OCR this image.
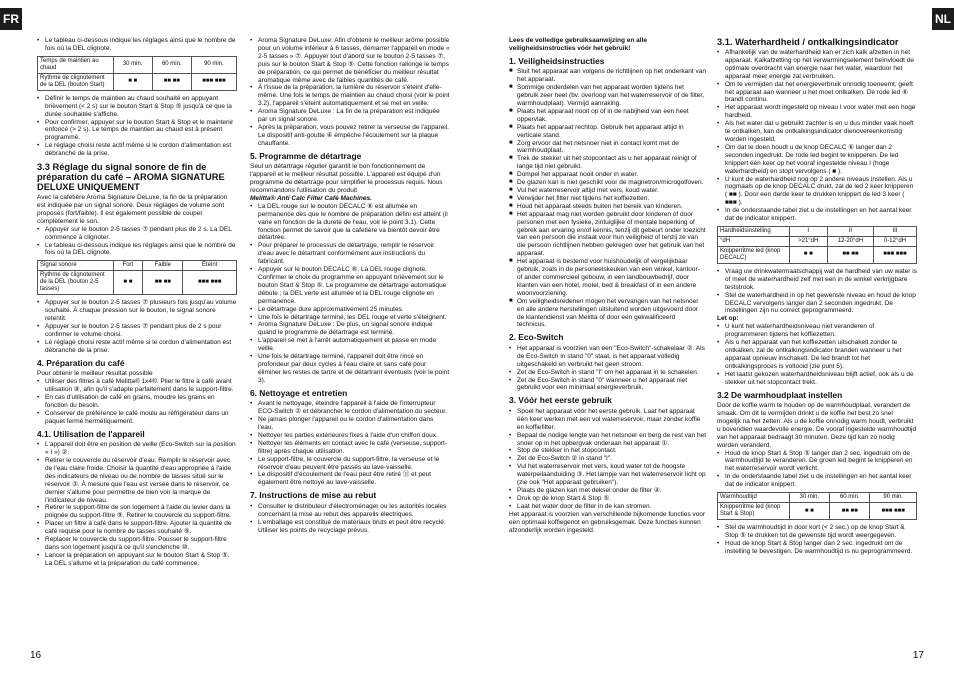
FR	NL
• Le tableau ci-dessous indique les réglages ainsi que le nombre de fois où la DEL clignote.
Temps de maintien au chaud	30 min.	60 min.	90 min.
Rythme de clignotement de la DEL (bouton Start)	■ ■	■■ ■■	■■■ ■■■
• Définir le temps de maintien au chaud souhaité en appuyant brièvement (< 2 s) sur le bouton Start & Stop ⑤ jusqu'à ce que la durée souhaitée s'affiche.
• Pour confirmer, appuyer sur le bouton Start & Stop et le maintenir enfoncé (> 2 s). Le temps de maintien au chaud est à présent programmé.
• Le réglage choisi reste actif même si le cordon d'alimentation est débranché de la prise.
3.3 Réglage du signal sonore de fin de préparation du café – AROMA SIGNATURE DELUXE UNIQUEMENT

Avec la cafetière Aroma Signature DeLuxe, la fin de la préparation est indiquée par un signal sonore. Deux réglages de volume sont proposés (fort/faible). Il est également possible de couper complètement le son.

• Appuyer sur le bouton 2-5 tasses ⑦ pendant plus de 2 s. La DEL commence à clignoter.
• Le tableau ci-dessous indique les réglages ainsi que le nombre de fois où la DEL clignote.
Signal sonore	Fort	Faible	Éteint
Rythme de clignotement de la DEL (bouton 2-5 tasses)	■ ■	■■ ■■	■■■ ■■■
• Appuyer sur le bouton 2-5 tasses ⑦ plusieurs fois jusqu'au volume souhaité. À chaque pression sur le bouton, le signal sonore retentit.
• Appuyer sur le bouton 2-5 tasses ⑦ pendant plus de 2 s pour confirmer le volume choisi.
• Le réglage choisi reste actif même si le cordon d'alimentation est débranché de la prise.
4. Préparation du café

Pour obtenir le meilleur résultat possible

• Utiliser des filtres à café Melitta® 1x4®. Plier le filtre à café avant utilisation ⑧, afin qu'il s'adapte parfaitement dans le support-filtre.
• En cas d'utilisation de café en grains, moudre les grains en fonction du besoin.
• Conserver de préférence le café moulu au réfrigérateur dans un paquet fermé hermétiquement.
4.1. Utilisation de l'appareil
• L'appareil doit être en position de veille (Eco-Switch sur la position « I ») ②.
• Retirer le couvercle du réservoir d'eau. Remplir le réservoir avec de l'eau claire froide. Choisir la quantité d'eau appropriée à l'aide des indicateurs de niveau ou de nombre de tasses situé sur le réservoir ③. À mesure que l'eau est versée dans le réservoir, ce dernier s'allume pour permettre de bien voir la marque de l'indicateur de niveau.
• Retirer le support-filtre de son logement à l'aide du levier dans la poignée du support-filtre ⑨. Retirer le couvercle du support-filtre.
• Placer un filtre à café dans le support-filtre. Ajouter la quantité de café requise pour le nombre de tasses souhaité ⑨.
• Replacer le couvercle du support-filtre. Pousser le support-filtre dans son logement jusqu'à ce qu'il s'enclenche ⑩.
• Lancer la préparation en appuyant sur le bouton Start & Stop ⑤. La DEL s'allume et la préparation du café commence.
• Aroma Signature DeLuxe: Afin d'obtenir le meilleur arôme possible pour un volume inférieur à 6 tasses, démarrer l'appareil en mode « 2-5 tasses » ⑦. Appuyer tout d'abord sur le bouton 2-5 tasses ⑦, puis sur le bouton Start & Stop ⑤. Cette fonction rallonge le temps de préparation, ce qui permet de bénéficier du meilleur résultat aromatique même avec de faibles quantités de café.
• À l'issue de la préparation, la lumière du réservoir s'éteint d'elle-même. Une fois le temps de maintien au chaud choisi (voir le point 3.2), l'appareil s'éteint automatiquement et se met en veille.
• Aroma Signature DeLuxe : La fin de la préparation est indiquée par un signal sonore.
• Après la préparation, vous pouvez retirer la verseuse de l'appareil. Le dispositif anti-goutte ④ empêche l'écoulement sur la plaque chauffante.
5. Programme de détartrage

Seul un détartrage régulier garantit le bon fonctionnement de l'appareil et le meilleur résultat possible. L'appareil est équipé d'un programme de détartrage pour simplifier le processus requis. Nous recommandons l'utilisation du produit

Melitta® Anti Calc Filter Café Machines.

• La DEL rouge sur le bouton DECALC ⑥ est allumée en permanence dès que le nombre de préparation défini est atteint (il varie en fonction de la dureté de l'eau, voir le point 3.1). Cette fonction permet de savoir que la cafetière va bientôt devoir être détartrée.
• Pour préparer le processus de détartrage, remplir le réservoir d'eau avec le détartrant conformément aux instructions du fabricant.
• Appuyer sur le bouton DECALC ⑥. La DEL rouge clignote. Confirmer le choix du programme en appuyant brièvement sur le bouton Start & Stop ⑤. Le programme de détartrage automatique débute ; la DEL verte est allumée et la DEL rouge clignote en permanence.
• Le détartrage dure approximativement 25 minutes.
• Une fois le détartrage terminé, les DEL rouge et verte s'éteignent.
• Aroma Signature DeLuxe : De plus, un signal sonore indique quand le programme de détartrage est terminé.
• L'appareil se met à l'arrêt automatiquement et passe en mode veille.
• Une fois le détartrage terminé, l'appareil doit être rincé en profondeur par deux cycles à l'eau claire et sans café pour éliminer les restes de tartre et de détartrant éventuels (voir le point 3).
6. Nettoyage et entretien
• Avant le nettoyage, éteindre l'appareil à l'aide de l'interrupteur ECO-Switch ② et débrancher le cordon d'alimentation du secteur.
• Ne jamais plonger l'appareil ou le cordon d'alimentation dans l'eau.
• Nettoyer les parties extérieures fixes à l'aide d'un chiffon doux.
• Nettoyer les éléments en contact avec le café (verseuse, support-filtre) après chaque utilisation.
• Le support-filtre, le couvercle du support-filtre, la verseuse et le réservoir d'eau peuvent être passés au lave-vaisselle.
• Le dispositif d'écoulement de l'eau peut être retiré ⑪ et peut également être nettoyé au lave-vaisselle.
7. Instructions de mise au rebut
• Consulter le distributeur d'électroménager ou les autorités locales concernant la mise au rebut des appareils électriques.
• L'emballage est constitué de matériaux bruts et peut être recyclé. Utiliser les points de recyclage prévus.

Lees de volledige gebruiksaanwijzing en alle veiligheidsinstructies vóór het gebruik!

1. Veiligheidsinstructies
■ Sluit het apparaat aan volgens de richtlijnen op het onderkant van het apparaat.
■ Sommige onderdelen van het apparaat worden tijdens het gebruik zeer heet (bv. overloop van het waterreservoir of de filter, warmhoudplaat). Vermijd aanraking.
■ Plaats het apparaat nooit op of in de nabijheid van een heet oppervlak.
■ Plaats het apparaat rechtop. Gebruik het apparaat altijd in verticale stand.
■ Zorg ervoor dat het netsnoer niet in contact komt met de warmhoudplaat.
■ Trek de stekker uit het stopcontact als u het apparaat reinigt of lange tijd niet gebruikt.
■ Dompel het apparaat nooit onder in water.
■ De glazen kan is niet geschikt voor de magnetron/microgolfoven.
■ Vul het waterreservoir altijd met vers, koud water.
■ Verwijder het filter niet tijdens het koffiezetten.
■ Houd het apparaat steeds buiten het bereik van kinderen.
■ Het apparaat mag niet worden gebruikt door kinderen of door personen met een fysieke, zintuiglijke of mentale beperking of gebrek aan ervaring en/of kennis, tenzij dit gebeurt onder toezicht van een persoon die instaat voor hun veiligheid of tenzij ze van die persoon richtlijnen hebben gekregen over het gebruik van het apparaat.
■ Het apparaat is bestemd voor huishoudelijk of vergelijkbaar gebruik, zoals in de personeelskeuken van een winkel, kantoor- of ander commercieel gebouw, in een landbouwbedrijf, door klanten van een hotel, motel, bed & breakfast of in een andere woonvoorziening.
■ Om veiligheidsredenen mogen het vervangen van het netsnoer en alle andere herstellingen uitsluitend worden uitgevoerd door de klantendienst van Melitta of door een gekwalificeerd technicus.
2. Eco-Switch
• Het apparaat is voorzien van een "Eco-Switch"-schakelaar ②. Als de Eco-Switch in stand "0" staat, is het apparaat volledig uitgeschakeld en verbruikt het geen stroom.
• Zet de Eco-Switch in stand "I" om het apparaat in te schakelen.
• Zet de Eco-Switch in stand "0" wanneer u het apparaat niet gebruikt voor een minimaal energieverbruik.
3. Vóór het eerste gebruik
• Spoel het apparaat vóór het eerste gebruik. Laat het apparaat één keer werken met een vol waterreservoir, maar zonder koffie en koffiefilter.
• Bepaal de nodige lengte van het netsnoer en berg de rest van het snoer op in het opbergvak onderaan het apparaat ①.
• Stop de stekker in het stopcontact.
• Zet de Eco-Switch ② in stand "I".
• Vul het waterreservoir met vers, koud water tot de hoogste waterpeilaanduiding ③. Het lampje van het waterreservoir licht op (zie ook "Het apparaat gebruiken").
• Plaats de glazen kan met deksel onder de filter ④.
• Druk op de knop Start & Stop ⑤.
• Laat het water door de filter in de kan stromen.

Het apparaat is voorzien van verschillende bijkomende functies voor een optimaal koffiegenot en gebruiksgemak. Deze functies kunnen afzonderlijk worden ingesteld.

3.1. Waterhardheid / ontkalkingsindicator
• Afhankelijk van de waterhardheid kan er zich kalk afzetten in het apparaat. Kalkafzetting op het verwarmingselement beïnvloedt de optimale overdracht van energie naar het water, waardoor het apparaat meer energie zal verbruiken.
• Om te vermijden dat het energieverbruik onnodig toeneemt, geeft het apparaat aan wanneer u het moet ontkalken. De rode led ⑥ brandt continu.
• Het apparaat wordt ingesteld op niveau I voor water met een hoge hardheid.
• Als het water dat u gebruikt zachter is en u dus minder vaak hoeft te ontkalken, kan de ontkalkingsindicator dienovereenkomstig worden ingesteld.
• Om dat te doen houdt u de knop DECALC ⑥ langer dan 2 seconden ingedrukt. De rode led begint te knipperen. De led knippert één keer op het vooraf ingestelde niveau I (hoge waterhardheid) en stopt vervolgens ( ■ ).
• U kunt de waterhardheid nog op 2 andere niveaus instellen. Als u nogmaals op de knop DECALC drukt, zal de led 2 keer knipperen ( ■■ ). Door een derde keer te drukken knippert de led 3 keer ( ■■■ ).
• In de onderstaande tabel ziet u de instellingen en het aantal keer dat de indicator knippert.
Hardheidsinstelling	I	II	III
°dH	>21°dH	12-20°dH	0-12°dH
Knipperritme led (knop DECALC)	■ ■	■■ ■■	■■■ ■■■
• Vraag uw drinkwatermaatschappij wat de hardheid van uw water is of meet de waterhardheid zelf met een in de winkel verkrijgbare teststrook.
• Stel de waterhardheid in op het gewenste niveau en houd de knop DECALC vervolgens langer dan 2 seconden ingedrukt. De instellingen zijn nu correct geprogrammeerd.

Let op:

• U kunt het waterhardheidsniveau niet veranderen of programmeren tijdens het koffiezetten.
• Als u het apparaat van het koffiezetten uitschakelt zonder te ontkalken, zal de ontkalkingsindicator branden wanneer u het apparaat opnieuw inschakelt. De led brandt tot het ontkalkingsproces is voltooid (zie punt 5).
• Het laatst gekozen waterhardheidsniveau blijft actief, ook als u de stekker uit het stopcontact trekt.
3.2 De warmhoudplaat instellen

Door de koffie warm te houden op de warmhoudplaat, verandert de smaak. Om dit te vermijden drinkt u de koffie het best zo snel mogelijk na het zetten. Als u de koffie onnodig warm houdt, verbruikt u bovendien waardevolle energie. De vooraf ingestelde warmhoudtijd van het apparaat bedraagt 30 minuten. Deze tijd kan zo nodig worden veranderd.

• Houd de knop Start & Stop ⑤ langer dan 2 sec. ingedrukt om de warmhoudtijd te veranderen. De groen led begint te knipperen en het waterreservoir wordt verlicht.
• In de onderstaande tabel ziet u de instellingen en het aantal keer dat de indicator knippert.
Warmhoudtijd	30 min.	60 min.	90 min.
Knipperritme led (knop Start & Stop)	■ ■	■■ ■■	■■■ ■■■
• Stel de warmhoudtijd in door kort (< 2 sec.) op de knop Start & Stop ⑤ te drukken tot de gewenste tijd wordt weergegeven.
• Houd de knop Start & Stop langer dan 2 sec. ingedrukt om de instelling te bevestigen. De warmhoudtijd is nu geprogrammeerd.
16	17
